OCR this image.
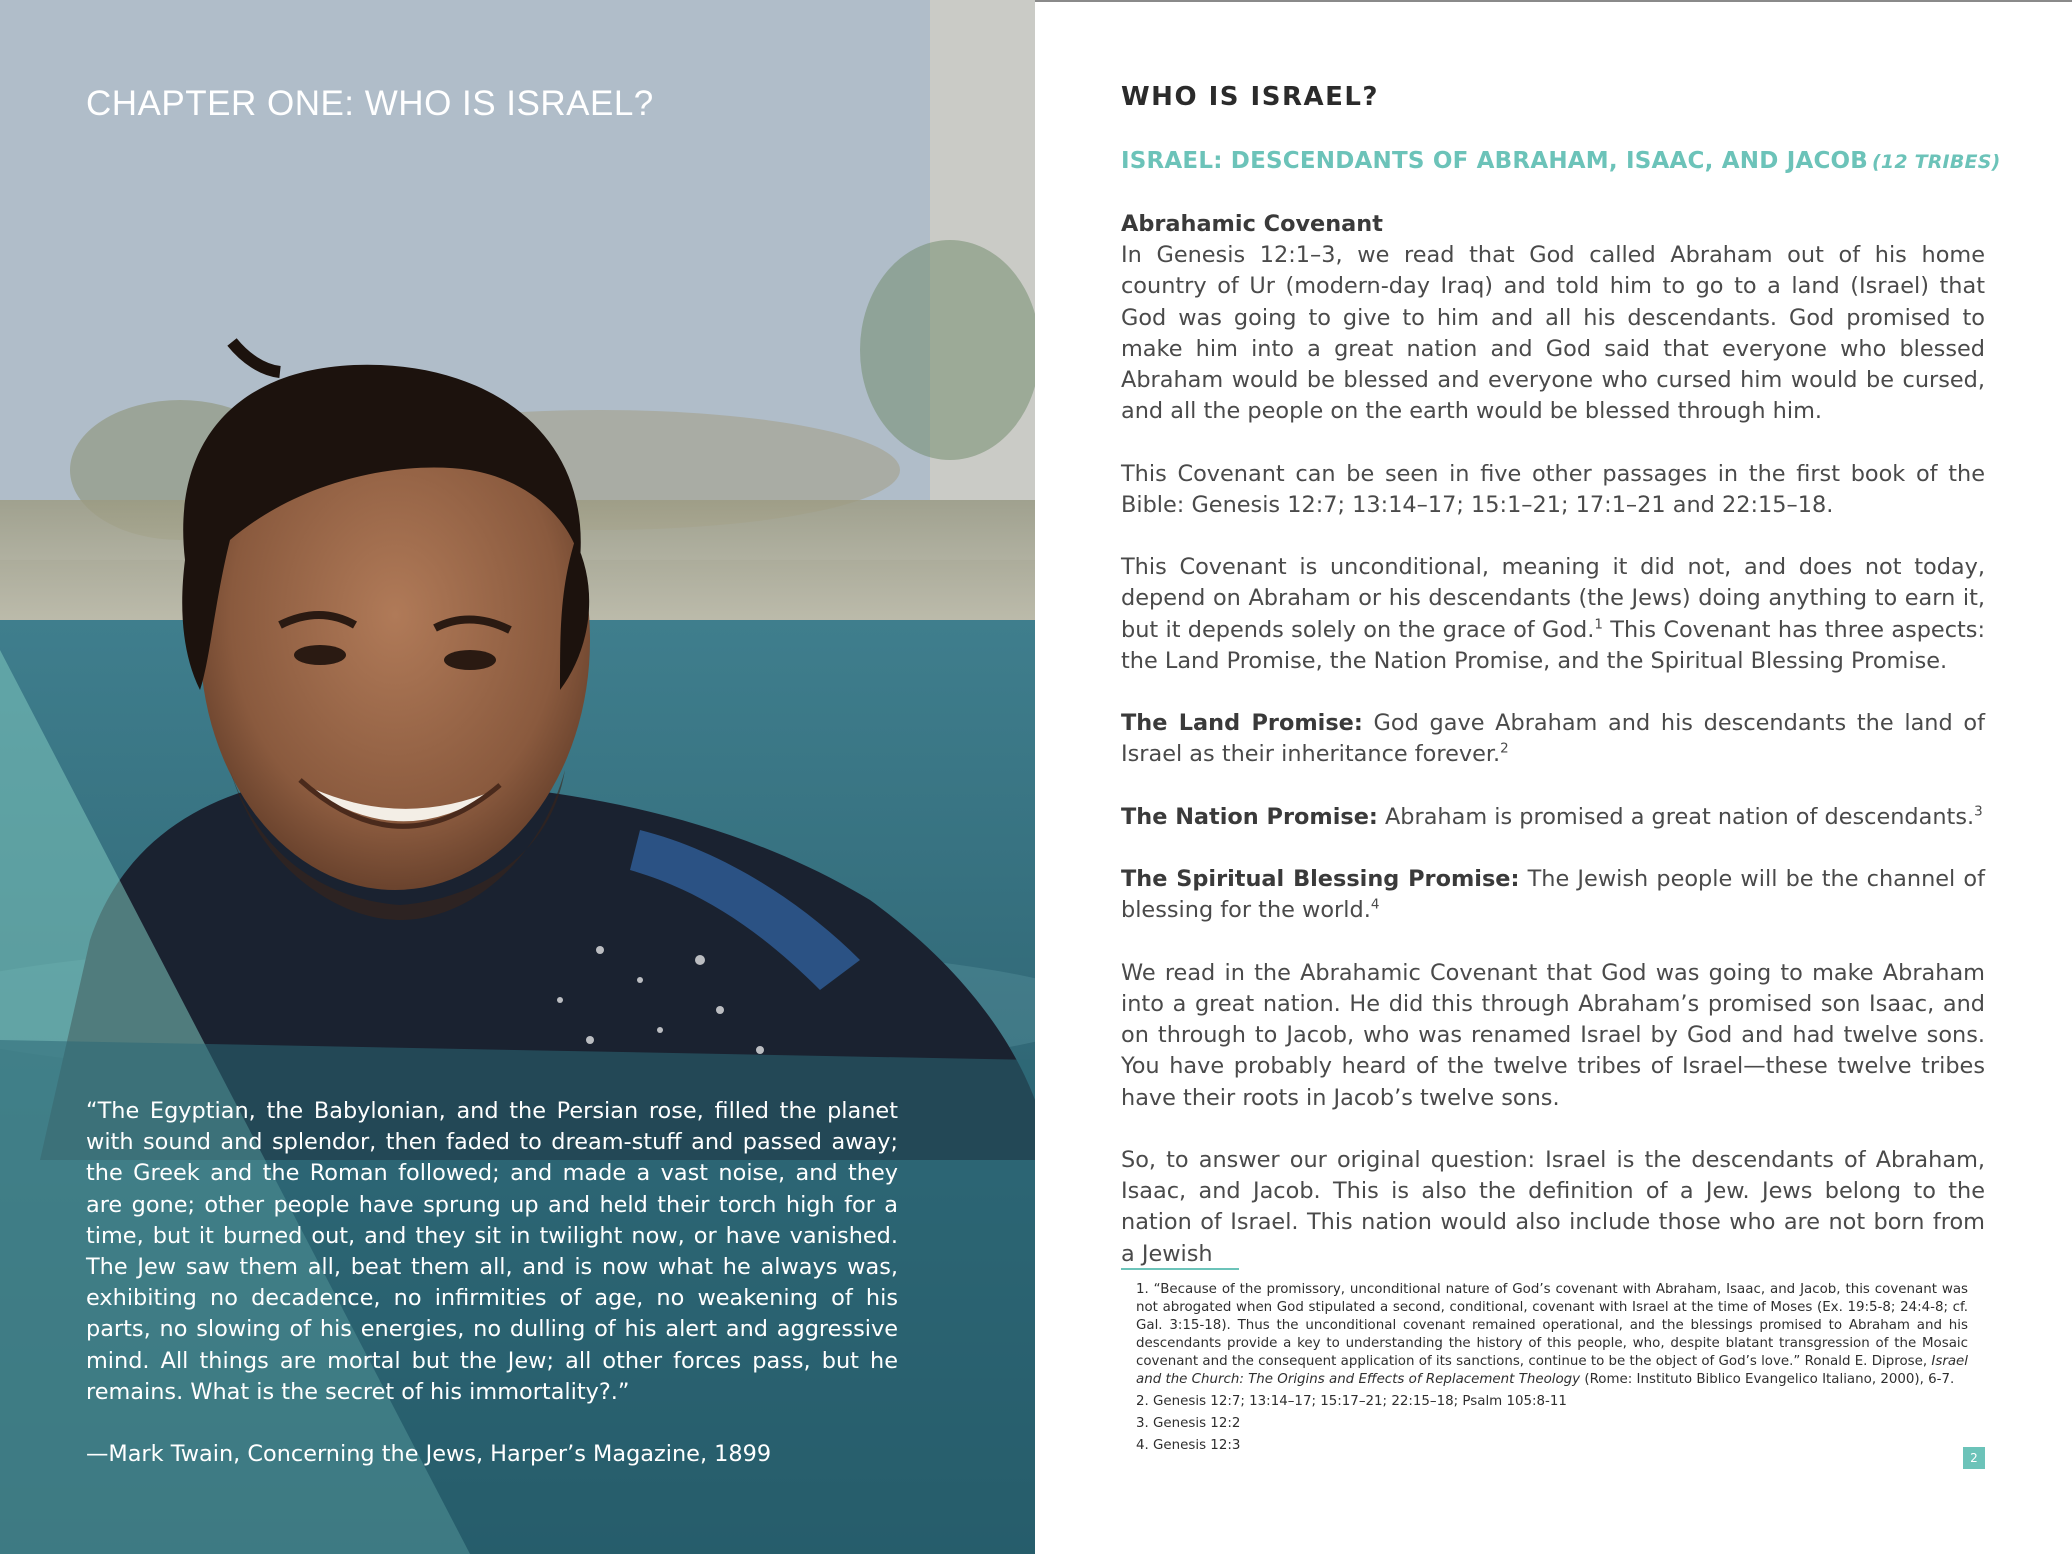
CHAPTER ONE: WHO IS ISRAEL?

“The Egyptian, the Babylonian, and the Persian rose, filled the planet with sound and splendor, then faded to dream-stuff and passed away; the Greek and the Roman followed; and made a vast noise, and they are gone; other people have sprung up and held their torch high for a time, but it burned out, and they sit in twilight now, or have vanished. The Jew saw them all, beat them all, and is now what he always was, exhibiting no decadence, no infirmities of age, no weakening of his parts, no slowing of his energies, no dulling of his alert and aggressive mind. All things are mortal but the Jew; all other forces pass, but he remains. What is the secret of his immortality?.”

—Mark Twain, Concerning the Jews, Harper’s Magazine, 1899

WHO IS ISRAEL?
ISRAEL: DESCENDANTS OF ABRAHAM, ISAAC, AND JACOB (12 TRIBES)

Abrahamic Covenant

In Genesis 12:1–3, we read that God called Abraham out of his home country of Ur (modern-day Iraq) and told him to go to a land (Israel) that God was going to give to him and all his descendants. God promised to make him into a great nation and God said that everyone who blessed Abraham would be blessed and everyone who cursed him would be cursed, and all the people on the earth would be blessed through him.

This Covenant can be seen in five other passages in the first book of the Bible: Genesis 12:7; 13:14–17; 15:1–21; 17:1–21 and 22:15–18.

This Covenant is unconditional, meaning it did not, and does not today, depend on Abraham or his descendants (the Jews) doing anything to earn it, but it depends solely on the grace of God.$^1$ This Covenant has three aspects: the Land Promise, the Nation Promise, and the Spiritual Blessing Promise.

The Land Promise: God gave Abraham and his descendants the land of Israel as their inheritance forever.$^2$

The Nation Promise: Abraham is promised a great nation of descendants.$^3$

The Spiritual Blessing Promise: The Jewish people will be the channel of blessing for the world.$^4$

We read in the Abrahamic Covenant that God was going to make Abraham into a great nation. He did this through Abraham’s promised son Isaac, and on through to Jacob, who was renamed Israel by God and had twelve sons. You have probably heard of the twelve tribes of Israel—these twelve tribes have their roots in Jacob’s twelve sons.

So, to answer our original question: Israel is the descendants of Abraham, Isaac, and Jacob. This is also the definition of a Jew. Jews belong to the nation of Israel. This nation would also include those who are not born from a Jewish

1. “Because of the promissory, unconditional nature of God’s covenant with Abraham, Isaac, and Jacob, this covenant was not abrogated when God stipulated a second, conditional, covenant with Israel at the time of Moses (Ex. 19:5-8; 24:4-8; cf. Gal. 3:15-18). Thus the unconditional covenant remained operational, and the blessings promised to Abraham and his descendants provide a key to understanding the history of this people, who, despite blatant transgression of the Mosaic covenant and the consequent application of its sanctions, continue to be the object of God’s love.” Ronald E. Diprose, Israel and the Church: The Origins and Effects of Replacement Theology (Rome: Instituto Biblico Evangelico Italiano, 2000), 6-7.

2. Genesis 12:7; 13:14–17; 15:17–21; 22:15–18; Psalm 105:8-11

3. Genesis 12:2

4. Genesis 12:3

2
